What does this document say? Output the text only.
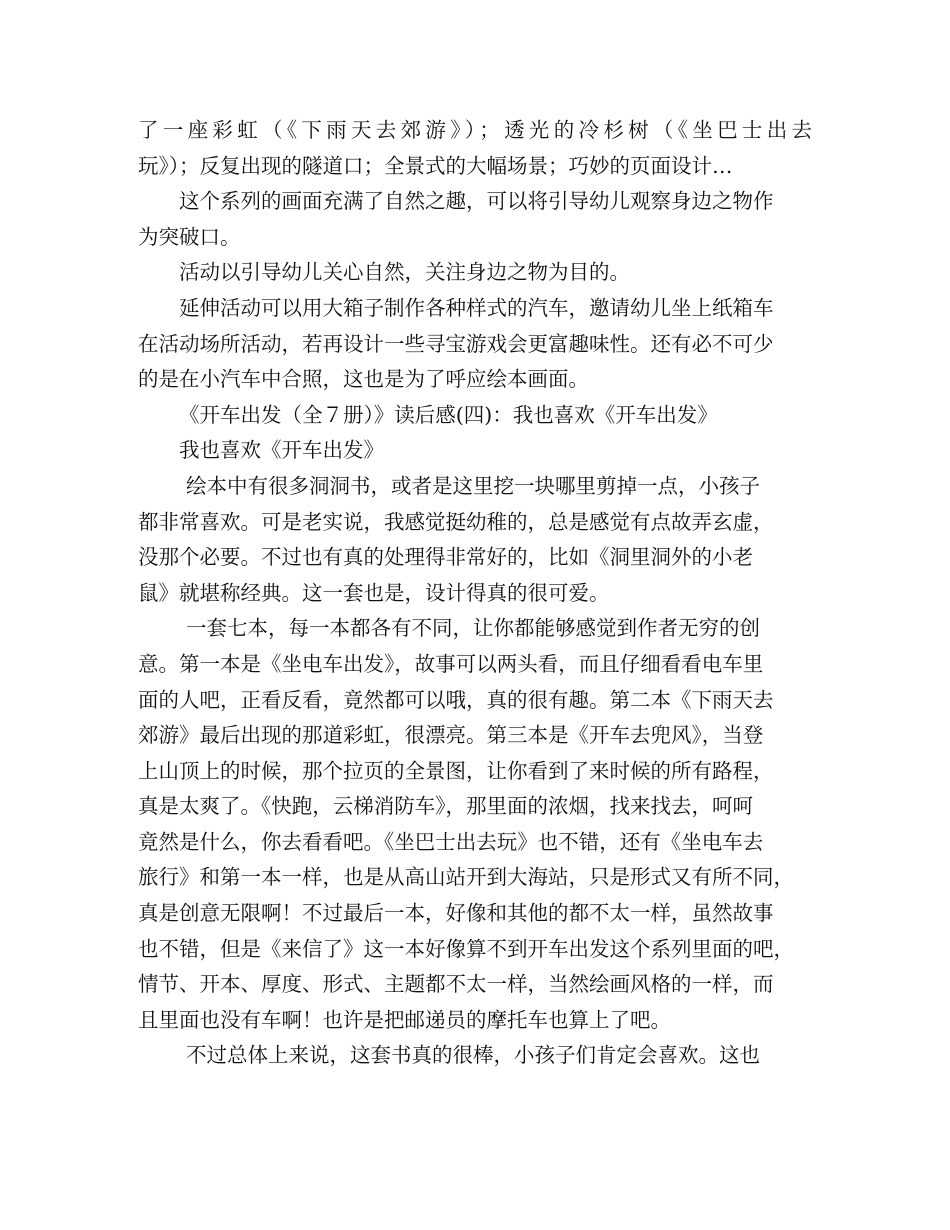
了一座彩虹（《下雨天去郊游》）；透光的冷杉树（《坐巴士出去
玩》）；反复出现的隧道口；全景式的大幅场景；巧妙的页面设计…
这个系列的画面充满了自然之趣，可以将引导幼儿观察身边之物作
为突破口。
活动以引导幼儿关心自然，关注身边之物为目的。
延伸活动可以用大箱子制作各种样式的汽车，邀请幼儿坐上纸箱车
在活动场所活动，若再设计一些寻宝游戏会更富趣味性。还有必不可少
的是在小汽车中合照，这也是为了呼应绘本画面。
《开车出发（全７册）》读后感(四)：我也喜欢《开车出发》
我也喜欢《开车出发》
绘本中有很多洞洞书，或者是这里挖一块哪里剪掉一点，小孩子
都非常喜欢。可是老实说，我感觉挺幼稚的，总是感觉有点故弄玄虚，
没那个必要。不过也有真的处理得非常好的，比如《洞里洞外的小老
鼠》就堪称经典。这一套也是，设计得真的很可爱。
一套七本，每一本都各有不同，让你都能够感觉到作者无穷的创
意。第一本是《坐电车出发》，故事可以两头看，而且仔细看看电车里
面的人吧，正看反看，竟然都可以哦，真的很有趣。第二本《下雨天去
郊游》最后出现的那道彩虹，很漂亮。第三本是《开车去兜风》，当登
上山顶上的时候，那个拉页的全景图，让你看到了来时候的所有路程，
真是太爽了。《快跑，云梯消防车》，那里面的浓烟，找来找去，呵呵
竟然是什么，你去看看吧。《坐巴士出去玩》也不错，还有《坐电车去
旅行》和第一本一样，也是从高山站开到大海站，只是形式又有所不同，
真是创意无限啊！不过最后一本，好像和其他的都不太一样，虽然故事
也不错，但是《来信了》这一本好像算不到开车出发这个系列里面的吧，
情节、开本、厚度、形式、主题都不太一样，当然绘画风格的一样，而
且里面也没有车啊！也许是把邮递员的摩托车也算上了吧。
不过总体上来说，这套书真的很棒，小孩子们肯定会喜欢。这也
